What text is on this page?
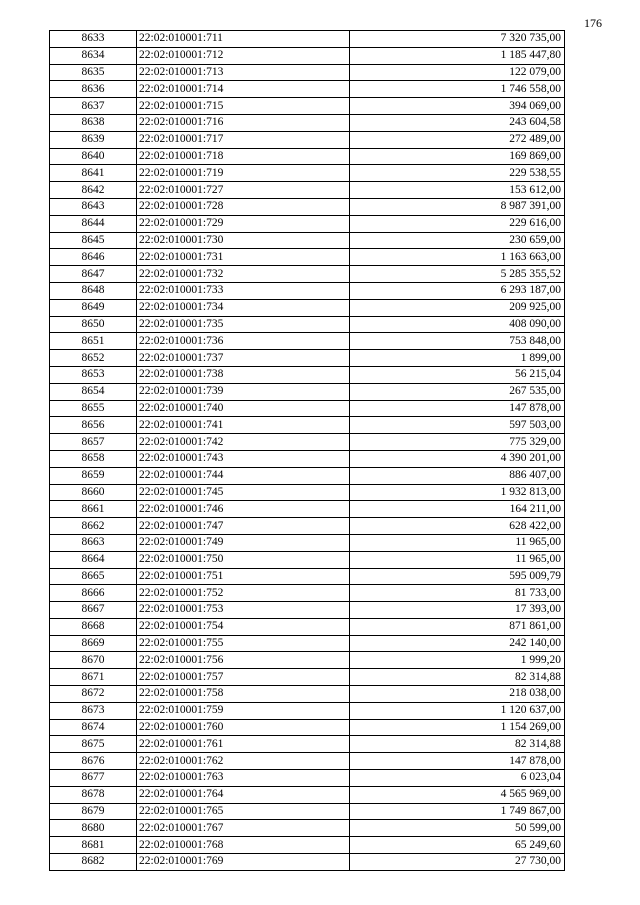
176
8633	22:02:010001:711	7 320 735,00
8634	22:02:010001:712	1 185 447,80
8635	22:02:010001:713	122 079,00
8636	22:02:010001:714	1 746 558,00
8637	22:02:010001:715	394 069,00
8638	22:02:010001:716	243 604,58
8639	22:02:010001:717	272 489,00
8640	22:02:010001:718	169 869,00
8641	22:02:010001:719	229 538,55
8642	22:02:010001:727	153 612,00
8643	22:02:010001:728	8 987 391,00
8644	22:02:010001:729	229 616,00
8645	22:02:010001:730	230 659,00
8646	22:02:010001:731	1 163 663,00
8647	22:02:010001:732	5 285 355,52
8648	22:02:010001:733	6 293 187,00
8649	22:02:010001:734	209 925,00
8650	22:02:010001:735	408 090,00
8651	22:02:010001:736	753 848,00
8652	22:02:010001:737	1 899,00
8653	22:02:010001:738	56 215,04
8654	22:02:010001:739	267 535,00
8655	22:02:010001:740	147 878,00
8656	22:02:010001:741	597 503,00
8657	22:02:010001:742	775 329,00
8658	22:02:010001:743	4 390 201,00
8659	22:02:010001:744	886 407,00
8660	22:02:010001:745	1 932 813,00
8661	22:02:010001:746	164 211,00
8662	22:02:010001:747	628 422,00
8663	22:02:010001:749	11 965,00
8664	22:02:010001:750	11 965,00
8665	22:02:010001:751	595 009,79
8666	22:02:010001:752	81 733,00
8667	22:02:010001:753	17 393,00
8668	22:02:010001:754	871 861,00
8669	22:02:010001:755	242 140,00
8670	22:02:010001:756	1 999,20
8671	22:02:010001:757	82 314,88
8672	22:02:010001:758	218 038,00
8673	22:02:010001:759	1 120 637,00
8674	22:02:010001:760	1 154 269,00
8675	22:02:010001:761	82 314,88
8676	22:02:010001:762	147 878,00
8677	22:02:010001:763	6 023,04
8678	22:02:010001:764	4 565 969,00
8679	22:02:010001:765	1 749 867,00
8680	22:02:010001:767	50 599,00
8681	22:02:010001:768	65 249,60
8682	22:02:010001:769	27 730,00
